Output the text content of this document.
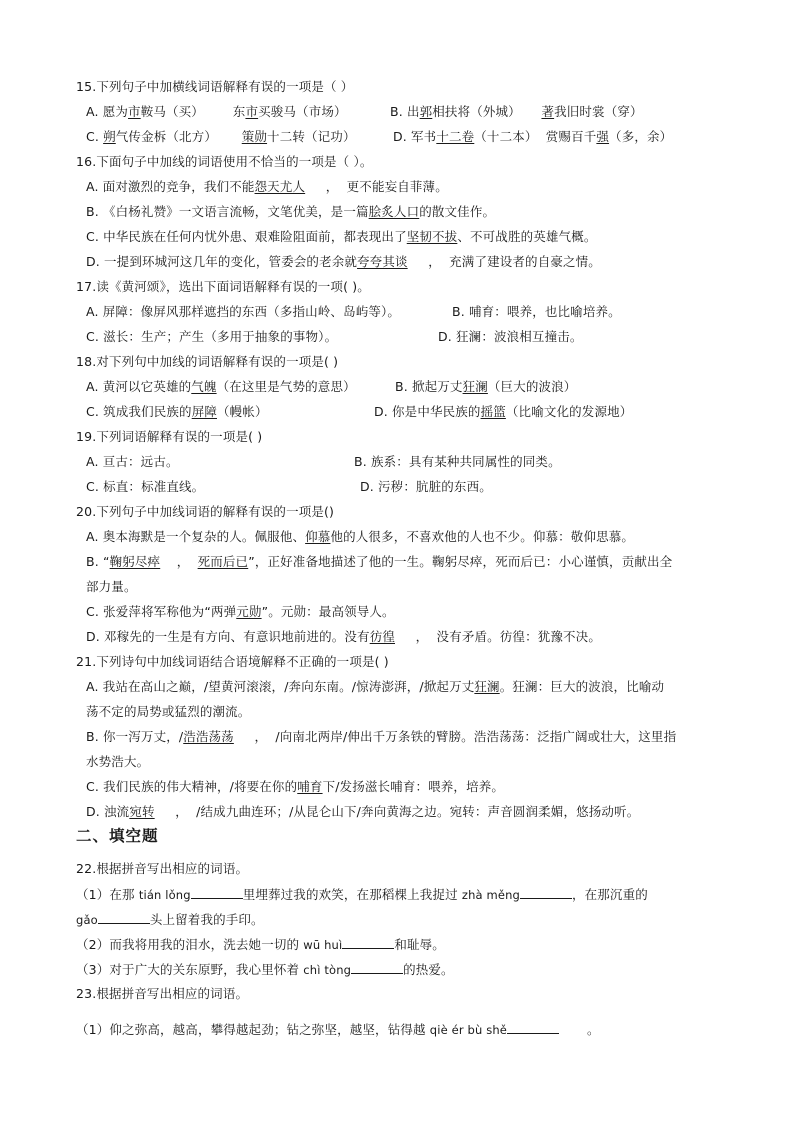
15.下列句子中加横线词语解释有误的一项是（ ）
A. 愿为市鞍马（买）       东市买骏马（市场）	B. 出郭相扶将（外城）     著我旧时裳（穿）
C. 朔气传金柝（北方）      策勋十二转（记功）	D. 军书十二卷（十二本）  赏赐百千强（多，余）
16.下面句子中加线的词语使用不恰当的一项是（ ）。
A. 面对激烈的竞争，我们不能怨天尤人     ，  更不能妄自菲薄。
B. 《白杨礼赞》一文语言流畅，文笔优美，是一篇脍炙人口的散文佳作。
C. 中华民族在任何内忧外患、艰难险阻面前，都表现出了坚韧不拔、不可战胜的英雄气概。
D. 一提到环城河这几年的变化，管委会的老余就夸夸其谈     ，  充满了建设者的自豪之情。
17.读《黄河颂》，选出下面词语解释有误的一项( )。
A. 屏障：像屏风那样遮挡的东西（多指山岭、岛屿等）。	B. 哺育：喂养，也比喻培养。
C. 滋长：生产；产生（多用于抽象的事物）。	D. 狂澜：波浪相互撞击。
18.对下列句中加线的词语解释有误的一项是( )
A. 黄河以它英雄的气魄（在这里是气势的意思）	B. 掀起万丈狂澜（巨大的波浪）
C. 筑成我们民族的屏障（幔帐）	D. 你是中华民族的摇篮（比喻文化的发源地）
19.下列词语解释有误的一项是( )
A. 亘古：远古。	B. 族系：具有某种共同属性的同类。
C. 标直：标准直线。	D. 污秽：肮脏的东西。
20.下列句子中加线词语的解释有误的一项是()
A. 奥本海默是一个复杂的人。佩服他、仰慕他的人很多，不喜欢他的人也不少。仰慕：敬仰思慕。
B. “鞠躬尽瘁    ，  死而后已”，正好准备地描述了他的一生。鞠躬尽瘁，死而后已：小心谨慎，贡献出全
部力量。
C. 张爱萍将军称他为“两弹元勋”。元勋：最高领导人。
D. 邓稼先的一生是有方向、有意识地前进的。没有彷徨     ，  没有矛盾。彷徨：犹豫不决。
21.下列诗句中加线词语结合语境解释不正确的一项是( )
A. 我站在高山之巅，/望黄河滚滚，/奔向东南。/惊涛澎湃，/掀起万丈狂澜。狂澜：巨大的波浪，比喻动
荡不定的局势或猛烈的潮流。
B. 你一泻万丈，/浩浩荡荡     ，  /向南北两岸/伸出千万条铁的臂膀。浩浩荡荡：泛指广阔或壮大，这里指
水势浩大。
C. 我们民族的伟大精神，/将要在你的哺育下/发扬滋长哺育：喂养，培养。
D. 浊流宛转     ，  /结成九曲连环；/从昆仑山下/奔向黄海之边。宛转：声音圆润柔媚，悠扬动听。
二、填空题
22.根据拼音写出相应的词语。
（1）在那 tián lǒng	里埋葬过我的欢笑，在那稻棵上我捉过 zhà měng	，在那沉重的
gǎo	头上留着我的手印。
（2）而我将用我的泪水，洗去她一切的 wū huì	和耻辱。
（3）对于广大的关东原野，我心里怀着 chì tòng	的热爱。
23.根据拼音写出相应的词语。
（1）仰之弥高，越高，攀得越起劲；钻之弥坚，越坚，钻得越 qiè ér bù shě	。
